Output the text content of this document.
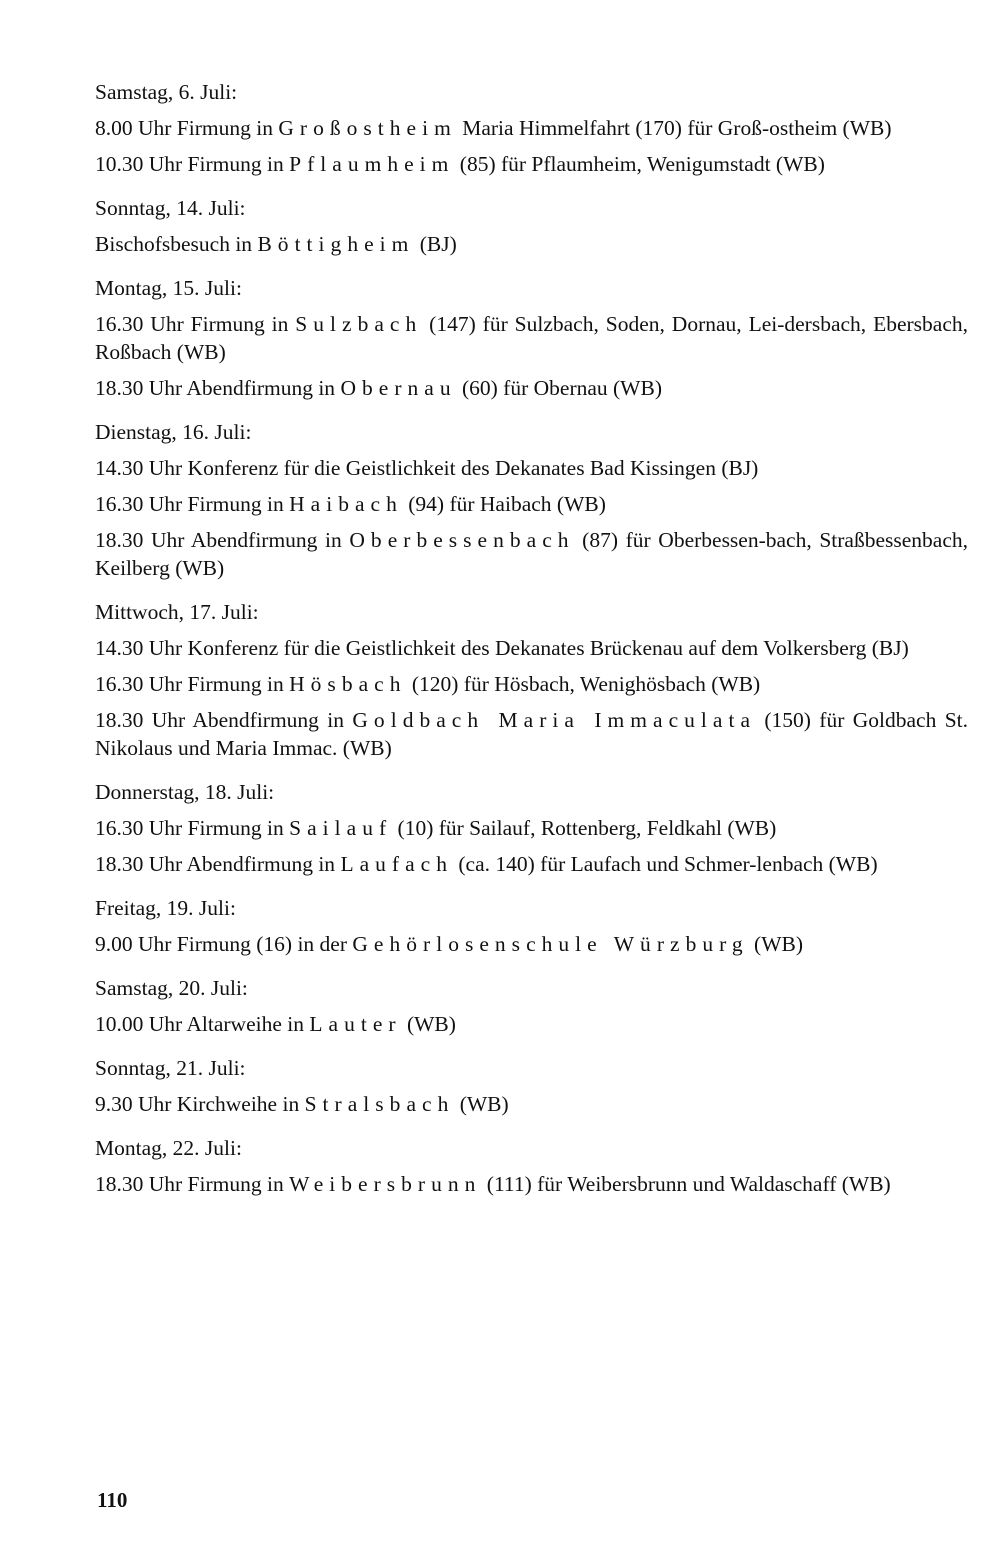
Samstag, 6. Juli:
8.00 Uhr Firmung in Großostheim Maria Himmelfahrt (170) für Groß-ostheim (WB)
10.30 Uhr Firmung in Pflaumheim (85) für Pflaumheim, Wenigumstadt (WB)
Sonntag, 14. Juli:
Bischofsbesuch in Böttigheim (BJ)
Montag, 15. Juli:
16.30 Uhr Firmung in Sulzbach (147) für Sulzbach, Soden, Dornau, Lei-dersbach, Ebersbach, Roßbach (WB)
18.30 Uhr Abendfirmung in Obernau (60) für Obernau (WB)
Dienstag, 16. Juli:
14.30 Uhr Konferenz für die Geistlichkeit des Dekanates Bad Kissingen (BJ)
16.30 Uhr Firmung in Haibach (94) für Haibach (WB)
18.30 Uhr Abendfirmung in Oberbessenbach (87) für Oberbessen-bach, Straßbessenbach, Keilberg (WB)
Mittwoch, 17. Juli:
14.30 Uhr Konferenz für die Geistlichkeit des Dekanates Brückenau auf dem Volkersberg (BJ)
16.30 Uhr Firmung in Hösbach (120) für Hösbach, Wenighösbach (WB)
18.30 Uhr Abendfirmung in Goldbach Maria Immaculata (150) für Goldbach St. Nikolaus und Maria Immac. (WB)
Donnerstag, 18. Juli:
16.30 Uhr Firmung in Sailauf (10) für Sailauf, Rottenberg, Feldkahl (WB)
18.30 Uhr Abendfirmung in Laufach (ca. 140) für Laufach und Schmer-lenbach (WB)
Freitag, 19. Juli:
9.00 Uhr Firmung (16) in der Gehörlosenschule Würzburg (WB)
Samstag, 20. Juli:
10.00 Uhr Altarweihe in Lauter (WB)
Sonntag, 21. Juli:
9.30 Uhr Kirchweihe in Stralsbach (WB)
Montag, 22. Juli:
18.30 Uhr Firmung in Weibersbrunn (111) für Weibersbrunn und Waldaschaff (WB)
110
